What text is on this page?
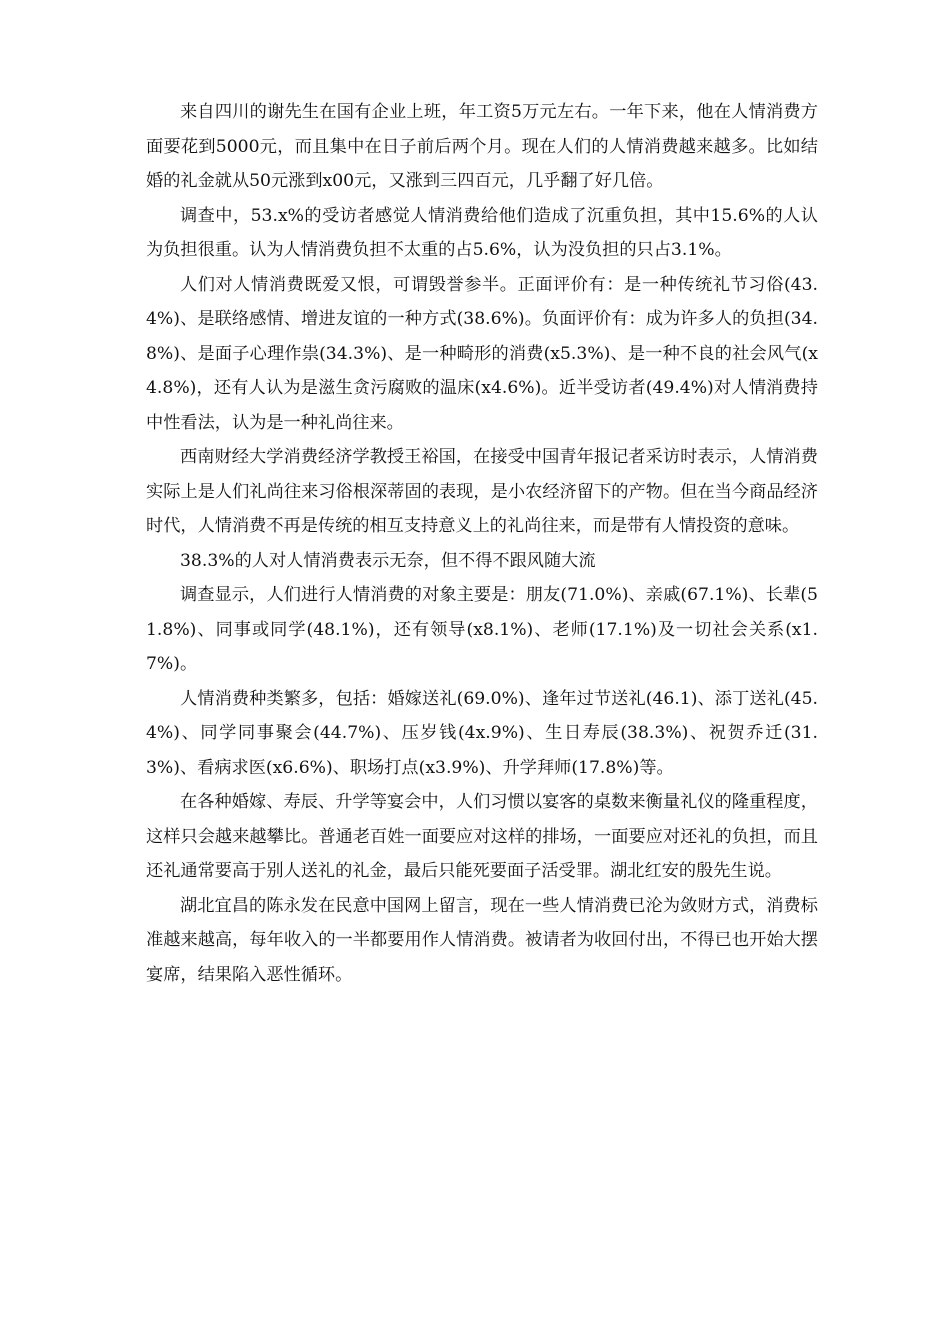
来自四川的谢先生在国有企业上班，年工资5万元左右。一年下来，他在人情消费方面要花到5000元，而且集中在日子前后两个月。现在人们的人情消费越来越多。比如结婚的礼金就从50元涨到x00元，又涨到三四百元，几乎翻了好几倍。

调查中，53.x%的受访者感觉人情消费给他们造成了沉重负担，其中15.6%的人认为负担很重。认为人情消费负担不太重的占5.6%，认为没负担的只占3.1%。

人们对人情消费既爱又恨，可谓毁誉参半。正面评价有：是一种传统礼节习俗(43.4%)、是联络感情、增进友谊的一种方式(38.6%)。负面评价有：成为许多人的负担(34.8%)、是面子心理作祟(34.3%)、是一种畸形的消费(x5.3%)、是一种不良的社会风气(x4.8%)，还有人认为是滋生贪污腐败的温床(x4.6%)。近半受访者(49.4%)对人情消费持中性看法，认为是一种礼尚往来。

西南财经大学消费经济学教授王裕国，在接受中国青年报记者采访时表示，人情消费实际上是人们礼尚往来习俗根深蒂固的表现，是小农经济留下的产物。但在当今商品经济时代，人情消费不再是传统的相互支持意义上的礼尚往来，而是带有人情投资的意味。

38.3%的人对人情消费表示无奈，但不得不跟风随大流

调查显示，人们进行人情消费的对象主要是：朋友(71.0%)、亲戚(67.1%)、长辈(51.8%)、同事或同学(48.1%)，还有领导(x8.1%)、老师(17.1%)及一切社会关系(x1.7%)。

人情消费种类繁多，包括：婚嫁送礼(69.0%)、逢年过节送礼(46.1)、添丁送礼(45.4%)、同学同事聚会(44.7%)、压岁钱(4x.9%)、生日寿辰(38.3%)、祝贺乔迁(31.3%)、看病求医(x6.6%)、职场打点(x3.9%)、升学拜师(17.8%)等。

在各种婚嫁、寿辰、升学等宴会中，人们习惯以宴客的桌数来衡量礼仪的隆重程度，这样只会越来越攀比。普通老百姓一面要应对这样的排场，一面要应对还礼的负担，而且还礼通常要高于别人送礼的礼金，最后只能死要面子活受罪。湖北红安的殷先生说。

湖北宜昌的陈永发在民意中国网上留言，现在一些人情消费已沦为敛财方式，消费标准越来越高，每年收入的一半都要用作人情消费。被请者为收回付出，不得已也开始大摆宴席，结果陷入恶性循环。
